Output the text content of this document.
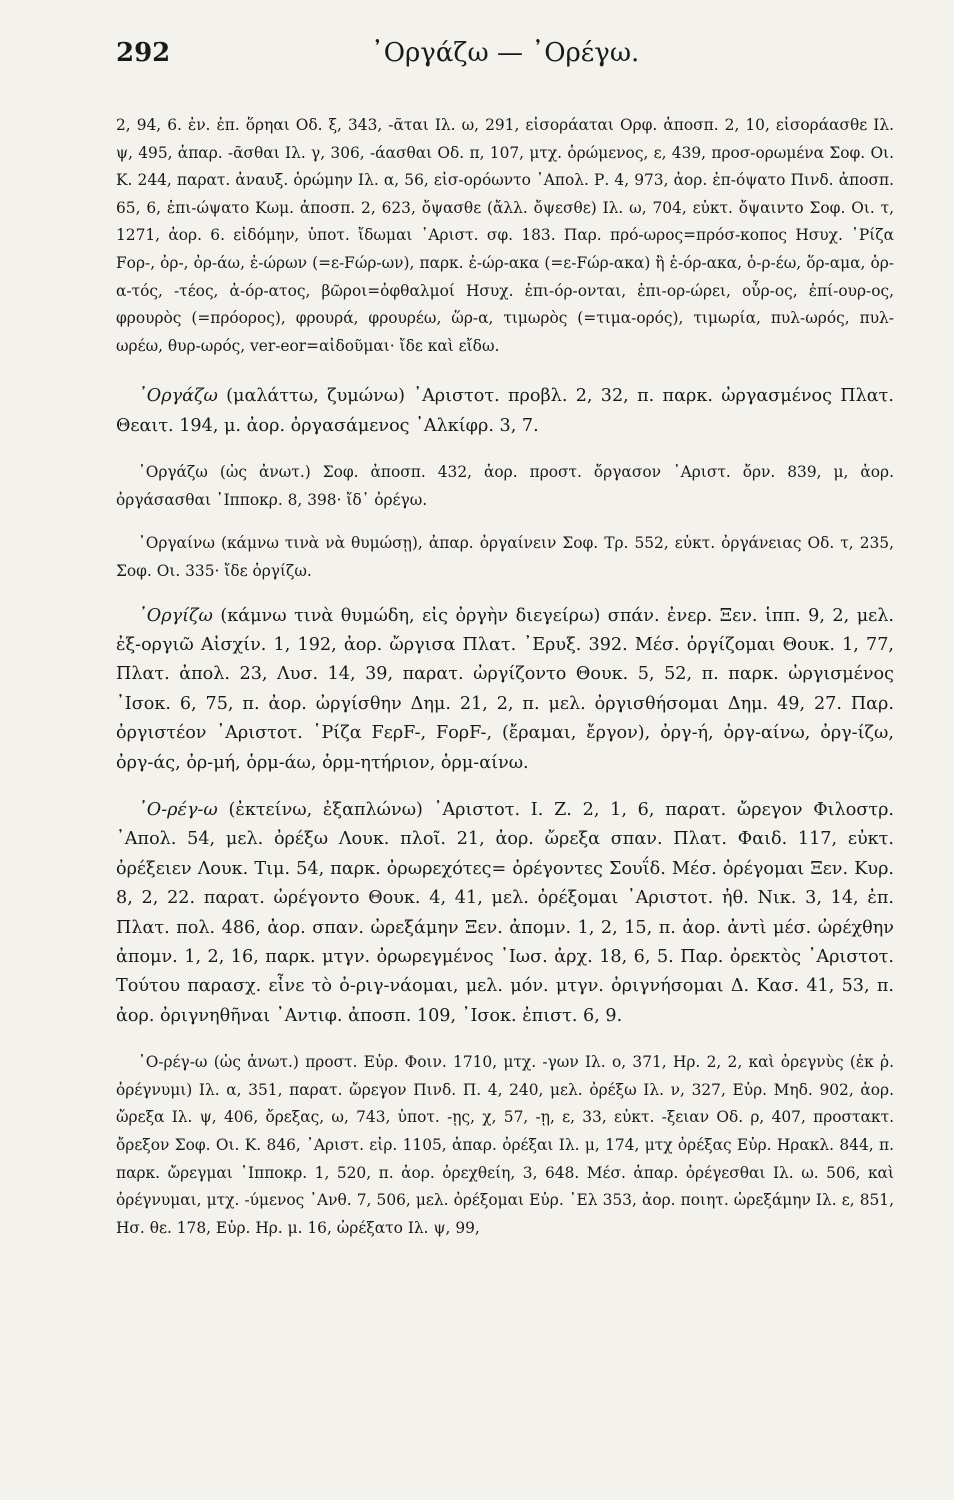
292	᾽Οργάζω — ᾽Ορέγω.

2, 94, 6. ἐν. ἐπ. ὅρηαι Οδ. ξ, 343, -ᾶται Ιλ. ω, 291, εἰσοράαται Ορφ. ἀποσπ. 2, 10, εἰσοράασθε Ιλ. ψ, 495, ἀπαρ. -ᾶσθαι Ιλ. γ, 306, -άασθαι Οδ. π, 107, μτχ. ὁρώμενος, ε, 439, προσ-ορωμένα Σοφ. Οι. Κ. 244, παρατ. ἀναυξ. ὁρώμην Ιλ. α, 56, εἰσ-ορόωντο ᾽Απολ. Ρ. 4, 973, ἀορ. ἐπ-όψατο Πινδ. ἀποσπ. 65, 6, ἐπι-ώψατο Κωμ. ἀποσπ. 2, 623, ὄψασθε (ἄλλ. ὄψεσθε) Ιλ. ω, 704, εὐκτ. ὄψαιντο Σοφ. Οι. τ, 1271, ἀορ. 6. εἰδόμην, ὑποτ. ἴδωμαι ᾽Αριστ. σφ. 183. Παρ. πρό-ωρος=πρόσ-κοπος Ησυχ. ῾Ρίζα Fορ-, ὀρ-, ὀρ-άω, ἐ-ώρων (=ε-Fώρ-ων), παρκ. ἐ-ώρ-ακα (=ε-Fώρ-ακα) ἢ ἑ-όρ-ακα, ὁ-ρ-έω, ὅρ-αμα, ὁρ-α-τός, -τέος, ἀ-όρ-ατος, βῶροι=ὀφθαλμοί Ησυχ. ἐπι-όρ-ονται, ἐπι-ορ-ώρει, οὖρ-ος, ἐπί-ουρ-ος, φρουρὸς (=πρόορος), φρουρά, φρουρέω, ὥρ-α, τιμωρὸς (=τιμα-ορός), τιμωρία, πυλ-ωρός, πυλ-ωρέω, θυρ-ωρός, ver-eor=αἰδοῦμαι· ἴδε καὶ εἴδω.

᾽Οργάζω (μαλάττω, ζυμώνω) ᾽Αριστοτ. προβλ. 2, 32, π. παρκ. ὠργασμένος Πλατ. Θεαιτ. 194, μ. ἀορ. ὀργασάμενος ᾽Αλκίφρ. 3, 7.

᾽Οργάζω (ὡς ἀνωτ.) Σοφ. ἀποσπ. 432, ἀορ. προστ. ὄργασον ᾽Αριστ. ὄρν. 839, μ, ἀορ. ὀργάσασθαι ῾Ιπποκρ. 8, 398· ἴδ᾽ ὀρέγω.

᾽Οργαίνω (κάμνω τινὰ νὰ θυμώσῃ), ἀπαρ. ὀργαίνειν Σοφ. Τρ. 552, εὐκτ. ὀργάνειας Οδ. τ, 235, Σοφ. Οι. 335· ἴδε ὀργίζω.

᾽Οργίζω (κάμνω τινὰ θυμώδη, εἰς ὀργὴν διεγείρω) σπάν. ἐνερ. Ξεν. ἱππ. 9, 2, μελ. ἐξ-οργιῶ Αἰσχίν. 1, 192, ἀορ. ὤργισα Πλατ. ᾽Ερυξ. 392. Μέσ. ὀργίζομαι Θουκ. 1, 77, Πλατ. ἀπολ. 23, Λυσ. 14, 39, παρατ. ὠργίζοντο Θουκ. 5, 52, π. παρκ. ὠργισμένος ᾽Ισοκ. 6, 75, π. ἀορ. ὠργίσθην Δημ. 21, 2, π. μελ. ὀργισθήσομαι Δημ. 49, 27. Παρ. ὀργιστέον ᾽Αριστοτ. ῾Ρίζα FερF-, FορF-, (ἔραμαι, ἔργον), ὀργ-ή, ὀργ-αίνω, ὀργ-ίζω, ὀργ-άς, ὀρ-μή, ὁρμ-άω, ὁρμ-ητήριον, ὁρμ-αίνω.

᾽Ο-ρέγ-ω (ἐκτείνω, ἐξαπλώνω) ᾽Αριστοτ. Ι. Ζ. 2, 1, 6, παρατ. ὤρεγον Φιλοστρ. ᾽Απολ. 54, μελ. ὀρέξω Λουκ. πλοῖ. 21, ἀορ. ὤρεξα σπαν. Πλατ. Φαιδ. 117, εὐκτ. ὀρέξειεν Λουκ. Τιμ. 54, παρκ. ὀρωρεχότες= ὀρέγοντες Σουΐδ. Μέσ. ὀρέγομαι Ξεν. Κυρ. 8, 2, 22. παρατ. ὠρέγοντο Θουκ. 4, 41, μελ. ὀρέξομαι ᾽Αριστοτ. ἠθ. Νικ. 3, 14, ἐπ. Πλατ. πολ. 486, ἀορ. σπαν. ὠρεξάμην Ξεν. ἀπομν. 1, 2, 15, π. ἀορ. ἀντὶ μέσ. ὠρέχθην ἀπομν. 1, 2, 16, παρκ. μτγν. ὀρωρεγμένος ᾽Ιωσ. ἀρχ. 18, 6, 5. Παρ. ὀρεκτὸς ᾽Αριστοτ. Τούτου παρασχ. εἶνε τὸ ὀ-ριγ-νάομαι, μελ. μόν. μτγν. ὀριγνήσομαι Δ. Κασ. 41, 53, π. ἀορ. ὀριγνηθῆναι ᾽Αντιφ. ἀποσπ. 109, ᾽Ισοκ. ἐπιστ. 6, 9.

᾽Ο-ρέγ-ω (ὡς ἀνωτ.) προστ. Εὐρ. Φοιν. 1710, μτχ. -γων Ιλ. ο, 371, Ηρ. 2, 2, καὶ ὀρεγνὺς (ἐκ ῥ. ὀρέγνυμι) Ιλ. α, 351, παρατ. ὤρεγον Πινδ. Π. 4, 240, μελ. ὀρέξω Ιλ. ν, 327, Εὐρ. Μηδ. 902, ἀορ. ὤρεξα Ιλ. ψ, 406, ὄρεξας, ω, 743, ὑποτ. -ῃς, χ, 57, -ῃ, ε, 33, εὐκτ. -ξειαν Οδ. ρ, 407, προστακτ. ὄρεξον Σοφ. Οι. Κ. 846, ᾽Αριστ. εἰρ. 1105, ἀπαρ. ὀρέξαι Ιλ. μ, 174, μτχ ὀρέξας Εὐρ. Ηρακλ. 844, π. παρκ. ὤρεγμαι ῾Ιπποκρ. 1, 520, π. ἀορ. ὀρεχθείη, 3, 648. Μέσ. ἀπαρ. ὀρέγεσθαι Ιλ. ω. 506, καὶ ὀρέγνυμαι, μτχ. -ύμενος ᾽Ανθ. 7, 506, μελ. ὀρέξομαι Εὐρ. ᾽Ελ 353, ἀορ. ποιητ. ὠρεξάμην Ιλ. ε, 851, Ησ. θε. 178, Εὐρ. Ηρ. μ. 16, ὠρέξατο Ιλ. ψ, 99,
